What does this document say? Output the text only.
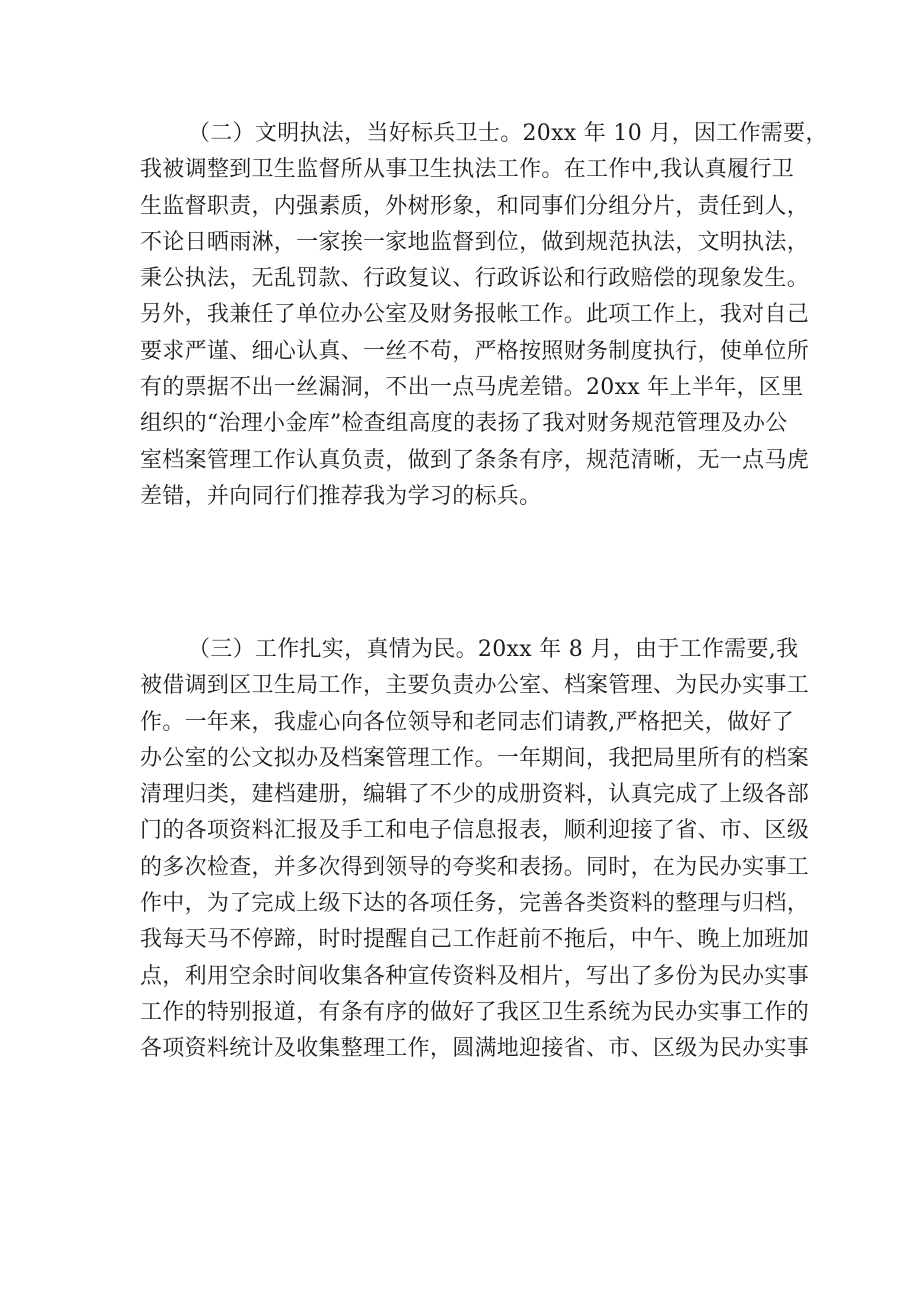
（二）文明执法，当好标兵卫士。20xx 年 10 月，因工作需要，
我被调整到卫生监督所从事卫生执法工作。在工作中,我认真履行卫
生监督职责，内强素质，外树形象，和同事们分组分片，责任到人，
不论日晒雨淋，一家挨一家地监督到位，做到规范执法，文明执法，
秉公执法，无乱罚款、行政复议、行政诉讼和行政赔偿的现象发生。
另外，我兼任了单位办公室及财务报帐工作。此项工作上，我对自己
要求严谨、细心认真、一丝不苟，严格按照财务制度执行，使单位所
有的票据不出一丝漏洞，不出一点马虎差错。20xx 年上半年，区里
组织的“治理小金库”检查组高度的表扬了我对财务规范管理及办公
室档案管理工作认真负责，做到了条条有序，规范清晰，无一点马虎
差错，并向同行们推荐我为学习的标兵。

（三）工作扎实，真情为民。20xx 年 8 月，由于工作需要,我
被借调到区卫生局工作，主要负责办公室、档案管理、为民办实事工
作。一年来，我虚心向各位领导和老同志们请教,严格把关，做好了
办公室的公文拟办及档案管理工作。一年期间，我把局里所有的档案
清理归类，建档建册，编辑了不少的成册资料，认真完成了上级各部
门的各项资料汇报及手工和电子信息报表，顺利迎接了省、市、区级
的多次检查，并多次得到领导的夸奖和表扬。同时，在为民办实事工
作中，为了完成上级下达的各项任务，完善各类资料的整理与归档，
我每天马不停蹄，时时提醒自己工作赶前不拖后，中午、晚上加班加
点，利用空余时间收集各种宣传资料及相片，写出了多份为民办实事
工作的特别报道，有条有序的做好了我区卫生系统为民办实事工作的
各项资料统计及收集整理工作，圆满地迎接省、市、区级为民办实事
